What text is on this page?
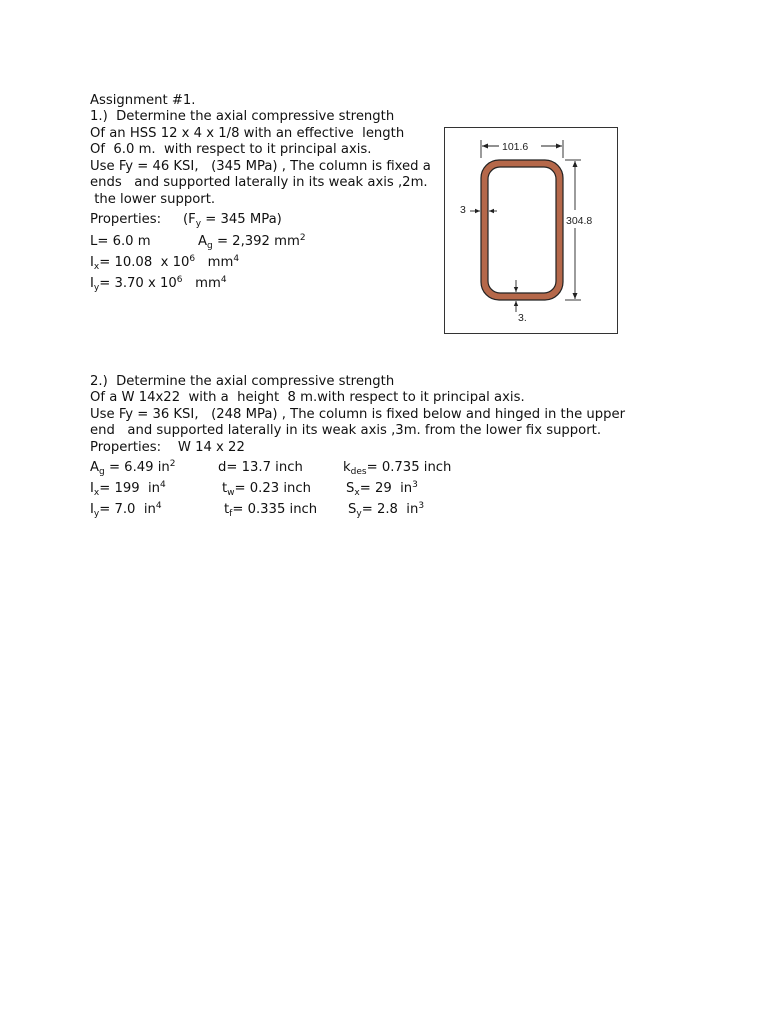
Assignment #1.
1.)  Determine the axial compressive strength
Of an HSS 12 x 4 x 1/8 with an effective  length
Of  6.0 m.  with respect to it principal axis.
Use Fy = 46 KSI,   (345 MPa) , The column is fixed a
ends   and supported laterally in its weak axis ,2m.
the lower support.
Properties: ($F_y = 345$ MPa)
L= 6.0 m	$A_g = 2,392$ $mm^2$
$I_x= 10.08$  x $10^6$   $mm^4$
$I_y= 3.70$ x $10^6$   $mm^4$
101.6
304.8
3
3.
2.)  Determine the axial compressive strength
Of a W 14x22  with a  height  8 m.with respect to it principal axis.
Use Fy = 36 KSI,   (248 MPa) , The column is fixed below and hinged in the upper
end   and supported laterally in its weak axis ,3m. from the lower fix support.
Properties:    W 14 x 22
$A_g = 6.49$ $in^2$	d= 13.7 inch	$k_{des}= 0.735$ inch
$I_x= 199$  $in^4$	$t_w= 0.23$ inch	$S_x= 29$  $in^3$
$I_y= 7.0$  $in^4$	$t_f= 0.335$ inch $S_y= 2.8$  $in^3$
